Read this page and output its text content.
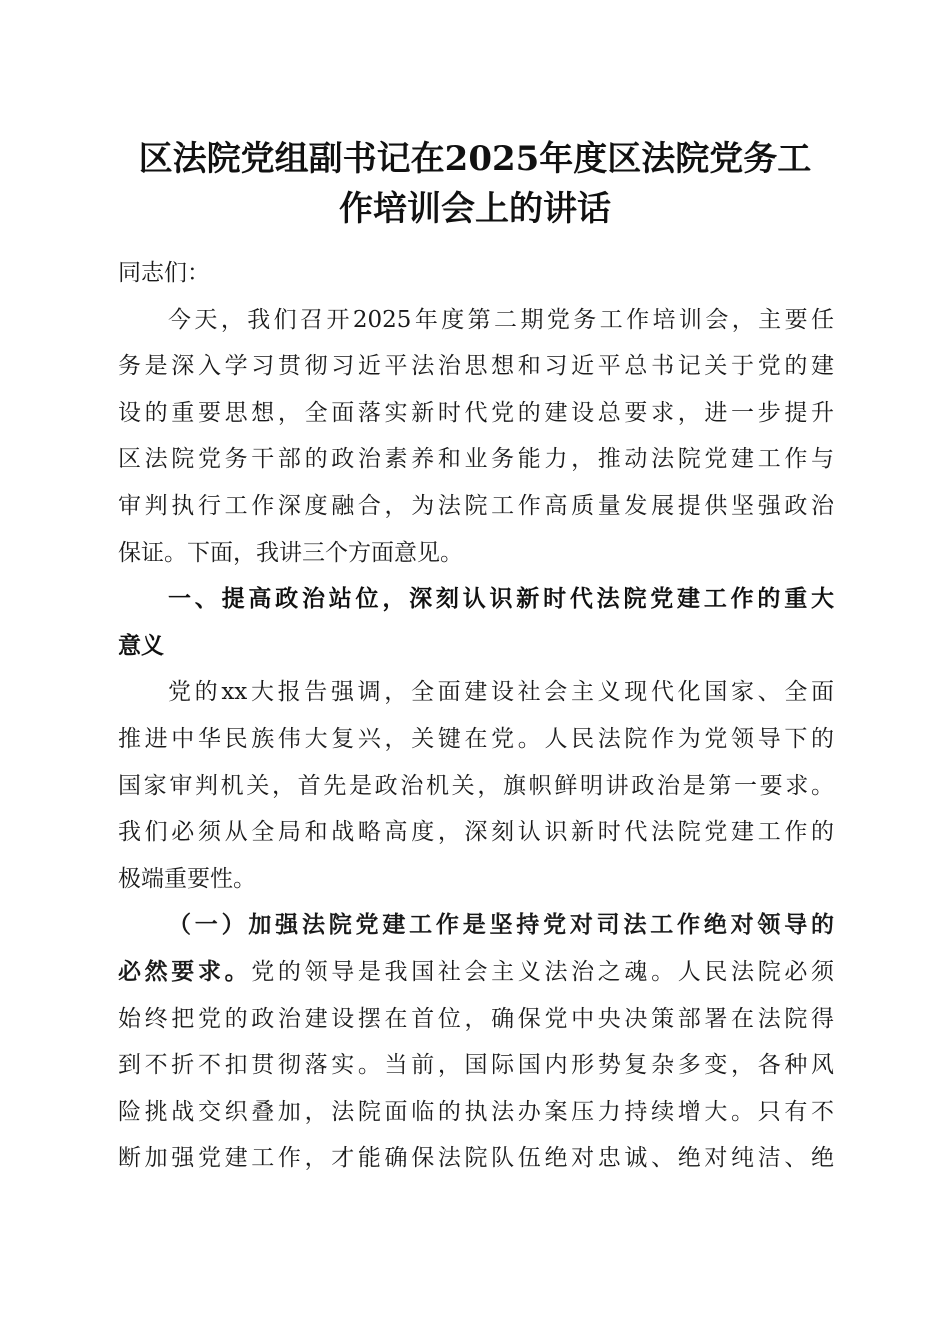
区法院党组副书记在2025年度区法院党务工
作培训会上的讲话
同志们：
今天，我们召开2025年度第二期党务工作培训会，主要任
务是深入学习贯彻习近平法治思想和习近平总书记关于党的建
设的重要思想，全面落实新时代党的建设总要求，进一步提升
区法院党务干部的政治素养和业务能力，推动法院党建工作与
审判执行工作深度融合，为法院工作高质量发展提供坚强政治
保证。下面，我讲三个方面意见。
一、提高政治站位，深刻认识新时代法院党建工作的重大
意义
党的xx大报告强调，全面建设社会主义现代化国家、全面
推进中华民族伟大复兴，关键在党。人民法院作为党领导下的
国家审判机关，首先是政治机关，旗帜鲜明讲政治是第一要求。
我们必须从全局和战略高度，深刻认识新时代法院党建工作的
极端重要性。
（一）加强法院党建工作是坚持党对司法工作绝对领导的
必然要求。党的领导是我国社会主义法治之魂。人民法院必须
始终把党的政治建设摆在首位，确保党中央决策部署在法院得
到不折不扣贯彻落实。当前，国际国内形势复杂多变，各种风
险挑战交织叠加，法院面临的执法办案压力持续增大。只有不
断加强党建工作，才能确保法院队伍绝对忠诚、绝对纯洁、绝
